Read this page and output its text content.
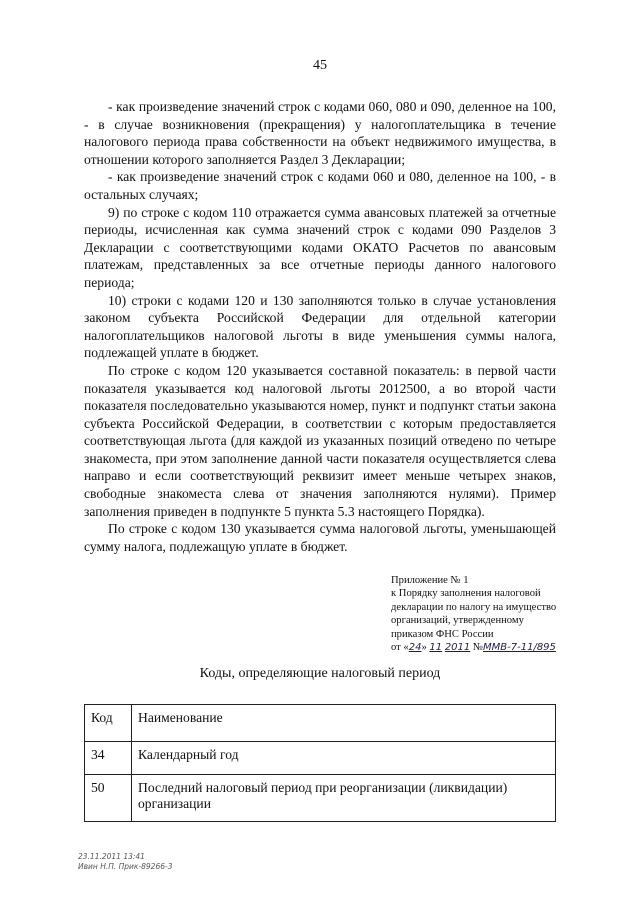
45

- как произведение значений строк с кодами 060, 080 и 090, деленное на 100, - в случае возникновения (прекращения) у налогоплательщика в течение налогового периода права собственности на объект недвижимого имущества, в отношении которого заполняется Раздел 3 Декларации;

- как произведение значений строк с кодами 060 и 080, деленное на 100, - в остальных случаях;

9) по строке с кодом 110 отражается сумма авансовых платежей за отчетные периоды, исчисленная как сумма значений строк с кодами 090 Разделов 3 Декларации с соответствующими кодами ОКАТО Расчетов по авансовым платежам, представленных за все отчетные периоды данного налогового периода;

10) строки с кодами 120 и 130 заполняются только в случае установления законом субъекта Российской Федерации для отдельной категории налогоплательщиков налоговой льготы в виде уменьшения суммы налога, подлежащей уплате в бюджет.

По строке с кодом 120 указывается составной показатель: в первой части показателя указывается код налоговой льготы 2012500, а во второй части показателя последовательно указываются номер, пункт и подпункт статьи закона субъекта Российской Федерации, в соответствии с которым предоставляется соответствующая льгота (для каждой из указанных позиций отведено по четыре знакоместа, при этом заполнение данной части показателя осуществляется слева направо и если соответствующий реквизит имеет меньше четырех знаков, свободные знакоместа слева от значения заполняются нулями). Пример заполнения приведен в подпункте 5 пункта 5.3 настоящего Порядка).

По строке с кодом 130 указывается сумма налоговой льготы, уменьшающей сумму налога, подлежащую уплате в бюджет.

Приложение № 1
к Порядку заполнения налоговой
декларации по налогу на имущество
организаций, утвержденному
приказом ФНС России
от «24» 11 2011 №ММВ-7-11/895
Коды, определяющие налоговый период
Код	Наименование
34	Календарный год
50	Последний налоговый период при реорганизации (ликвидации) организации
23.11.2011 13:41
Ивин Н.П. Прик-89266-3
